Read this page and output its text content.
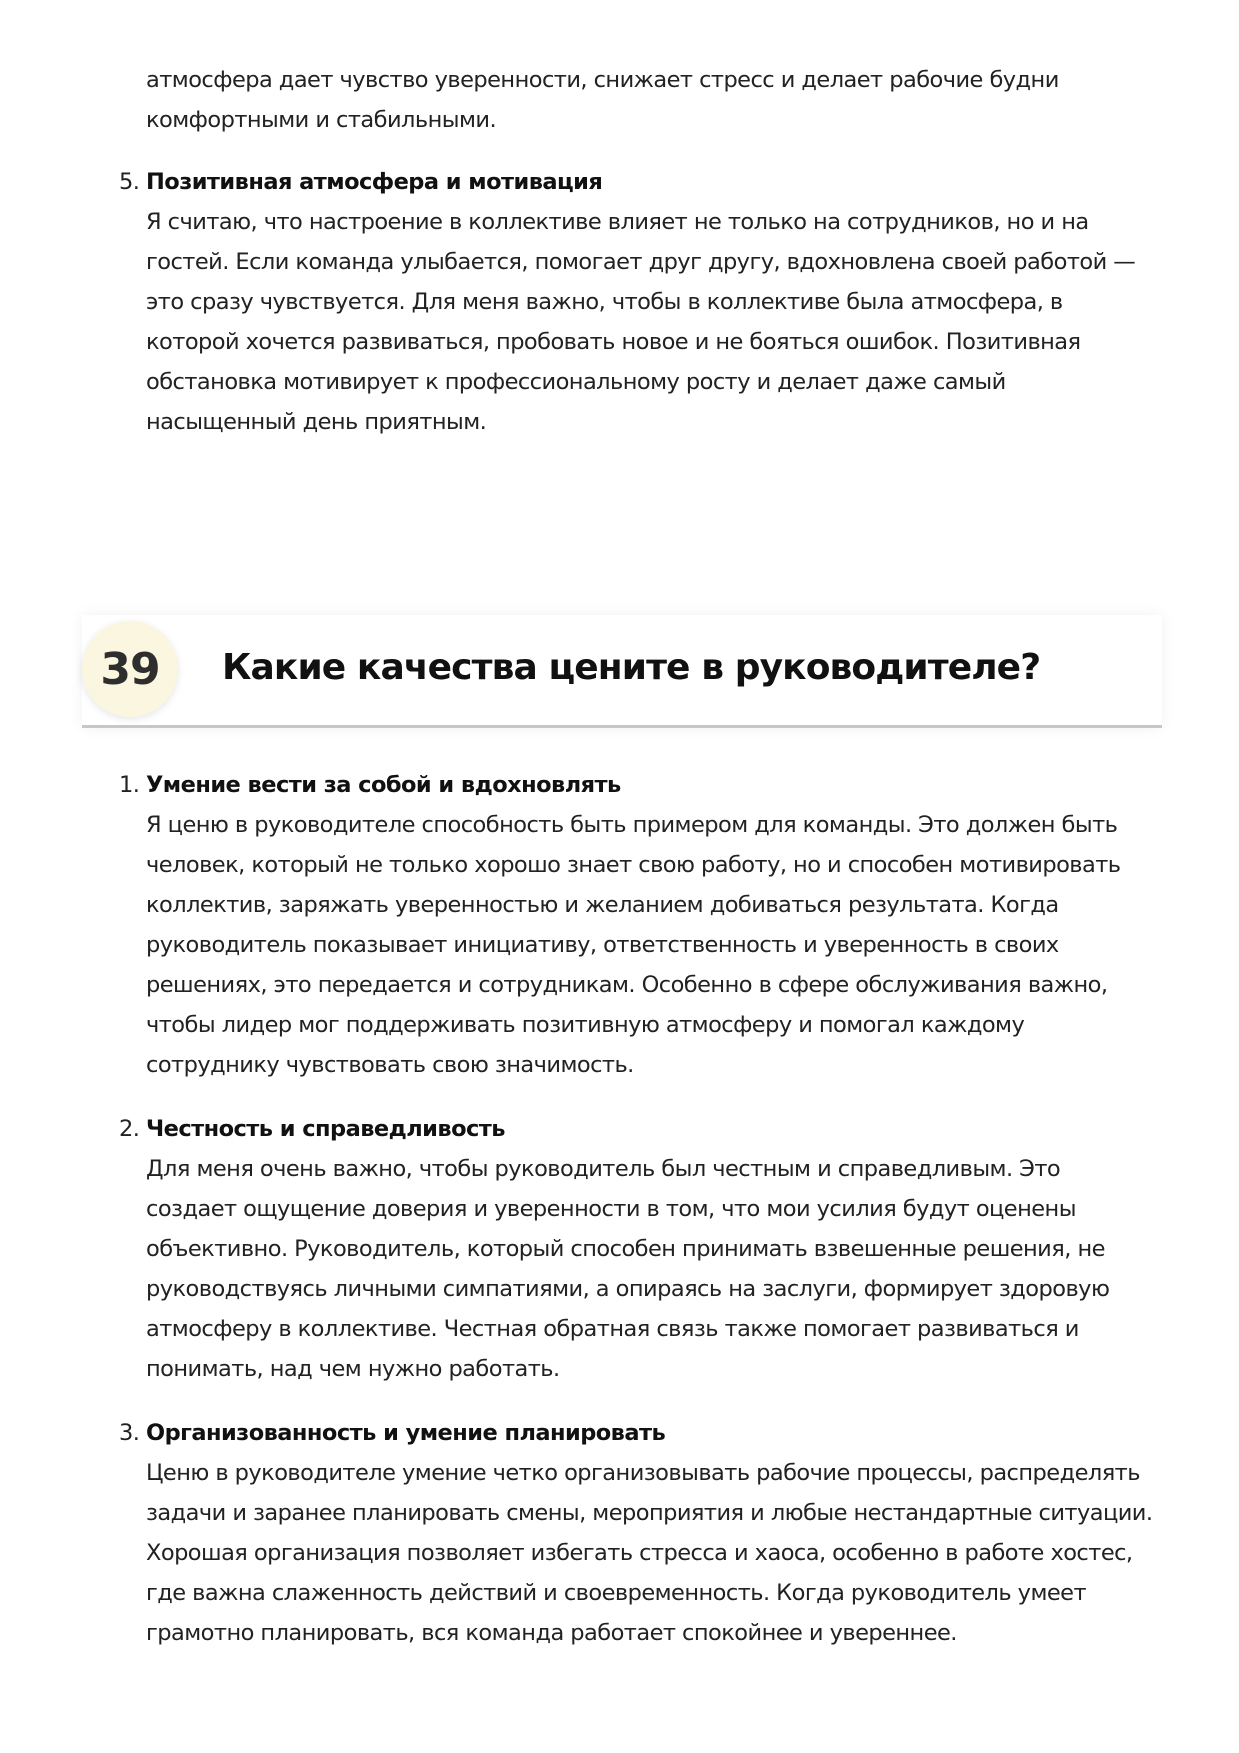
атмосфера дает чувство уверенности, снижает стресс и делает рабочие будни
комфортными и стабильными.
5. Позитивная атмосфера и мотивация
Я считаю, что настроение в коллективе влияет не только на сотрудников, но и на
гостей. Если команда улыбается, помогает друг другу, вдохновлена своей работой —
это сразу чувствуется. Для меня важно, чтобы в коллективе была атмосфера, в
которой хочется развиваться, пробовать новое и не бояться ошибок. Позитивная
обстановка мотивирует к профессиональному росту и делает даже самый
насыщенный день приятным.
39	Какие качества цените в руководителе?
1. Умение вести за собой и вдохновлять
Я ценю в руководителе способность быть примером для команды. Это должен быть
человек, который не только хорошо знает свою работу, но и способен мотивировать
коллектив, заряжать уверенностью и желанием добиваться результата. Когда
руководитель показывает инициативу, ответственность и уверенность в своих
решениях, это передается и сотрудникам. Особенно в сфере обслуживания важно,
чтобы лидер мог поддерживать позитивную атмосферу и помогал каждому
сотруднику чувствовать свою значимость.
2. Честность и справедливость
Для меня очень важно, чтобы руководитель был честным и справедливым. Это
создает ощущение доверия и уверенности в том, что мои усилия будут оценены
объективно. Руководитель, который способен принимать взвешенные решения, не
руководствуясь личными симпатиями, а опираясь на заслуги, формирует здоровую
атмосферу в коллективе. Честная обратная связь также помогает развиваться и
понимать, над чем нужно работать.
3. Организованность и умение планировать
Ценю в руководителе умение четко организовывать рабочие процессы, распределять
задачи и заранее планировать смены, мероприятия и любые нестандартные ситуации.
Хорошая организация позволяет избегать стресса и хаоса, особенно в работе хостес,
где важна слаженность действий и своевременность. Когда руководитель умеет
грамотно планировать, вся команда работает спокойнее и увереннее.
